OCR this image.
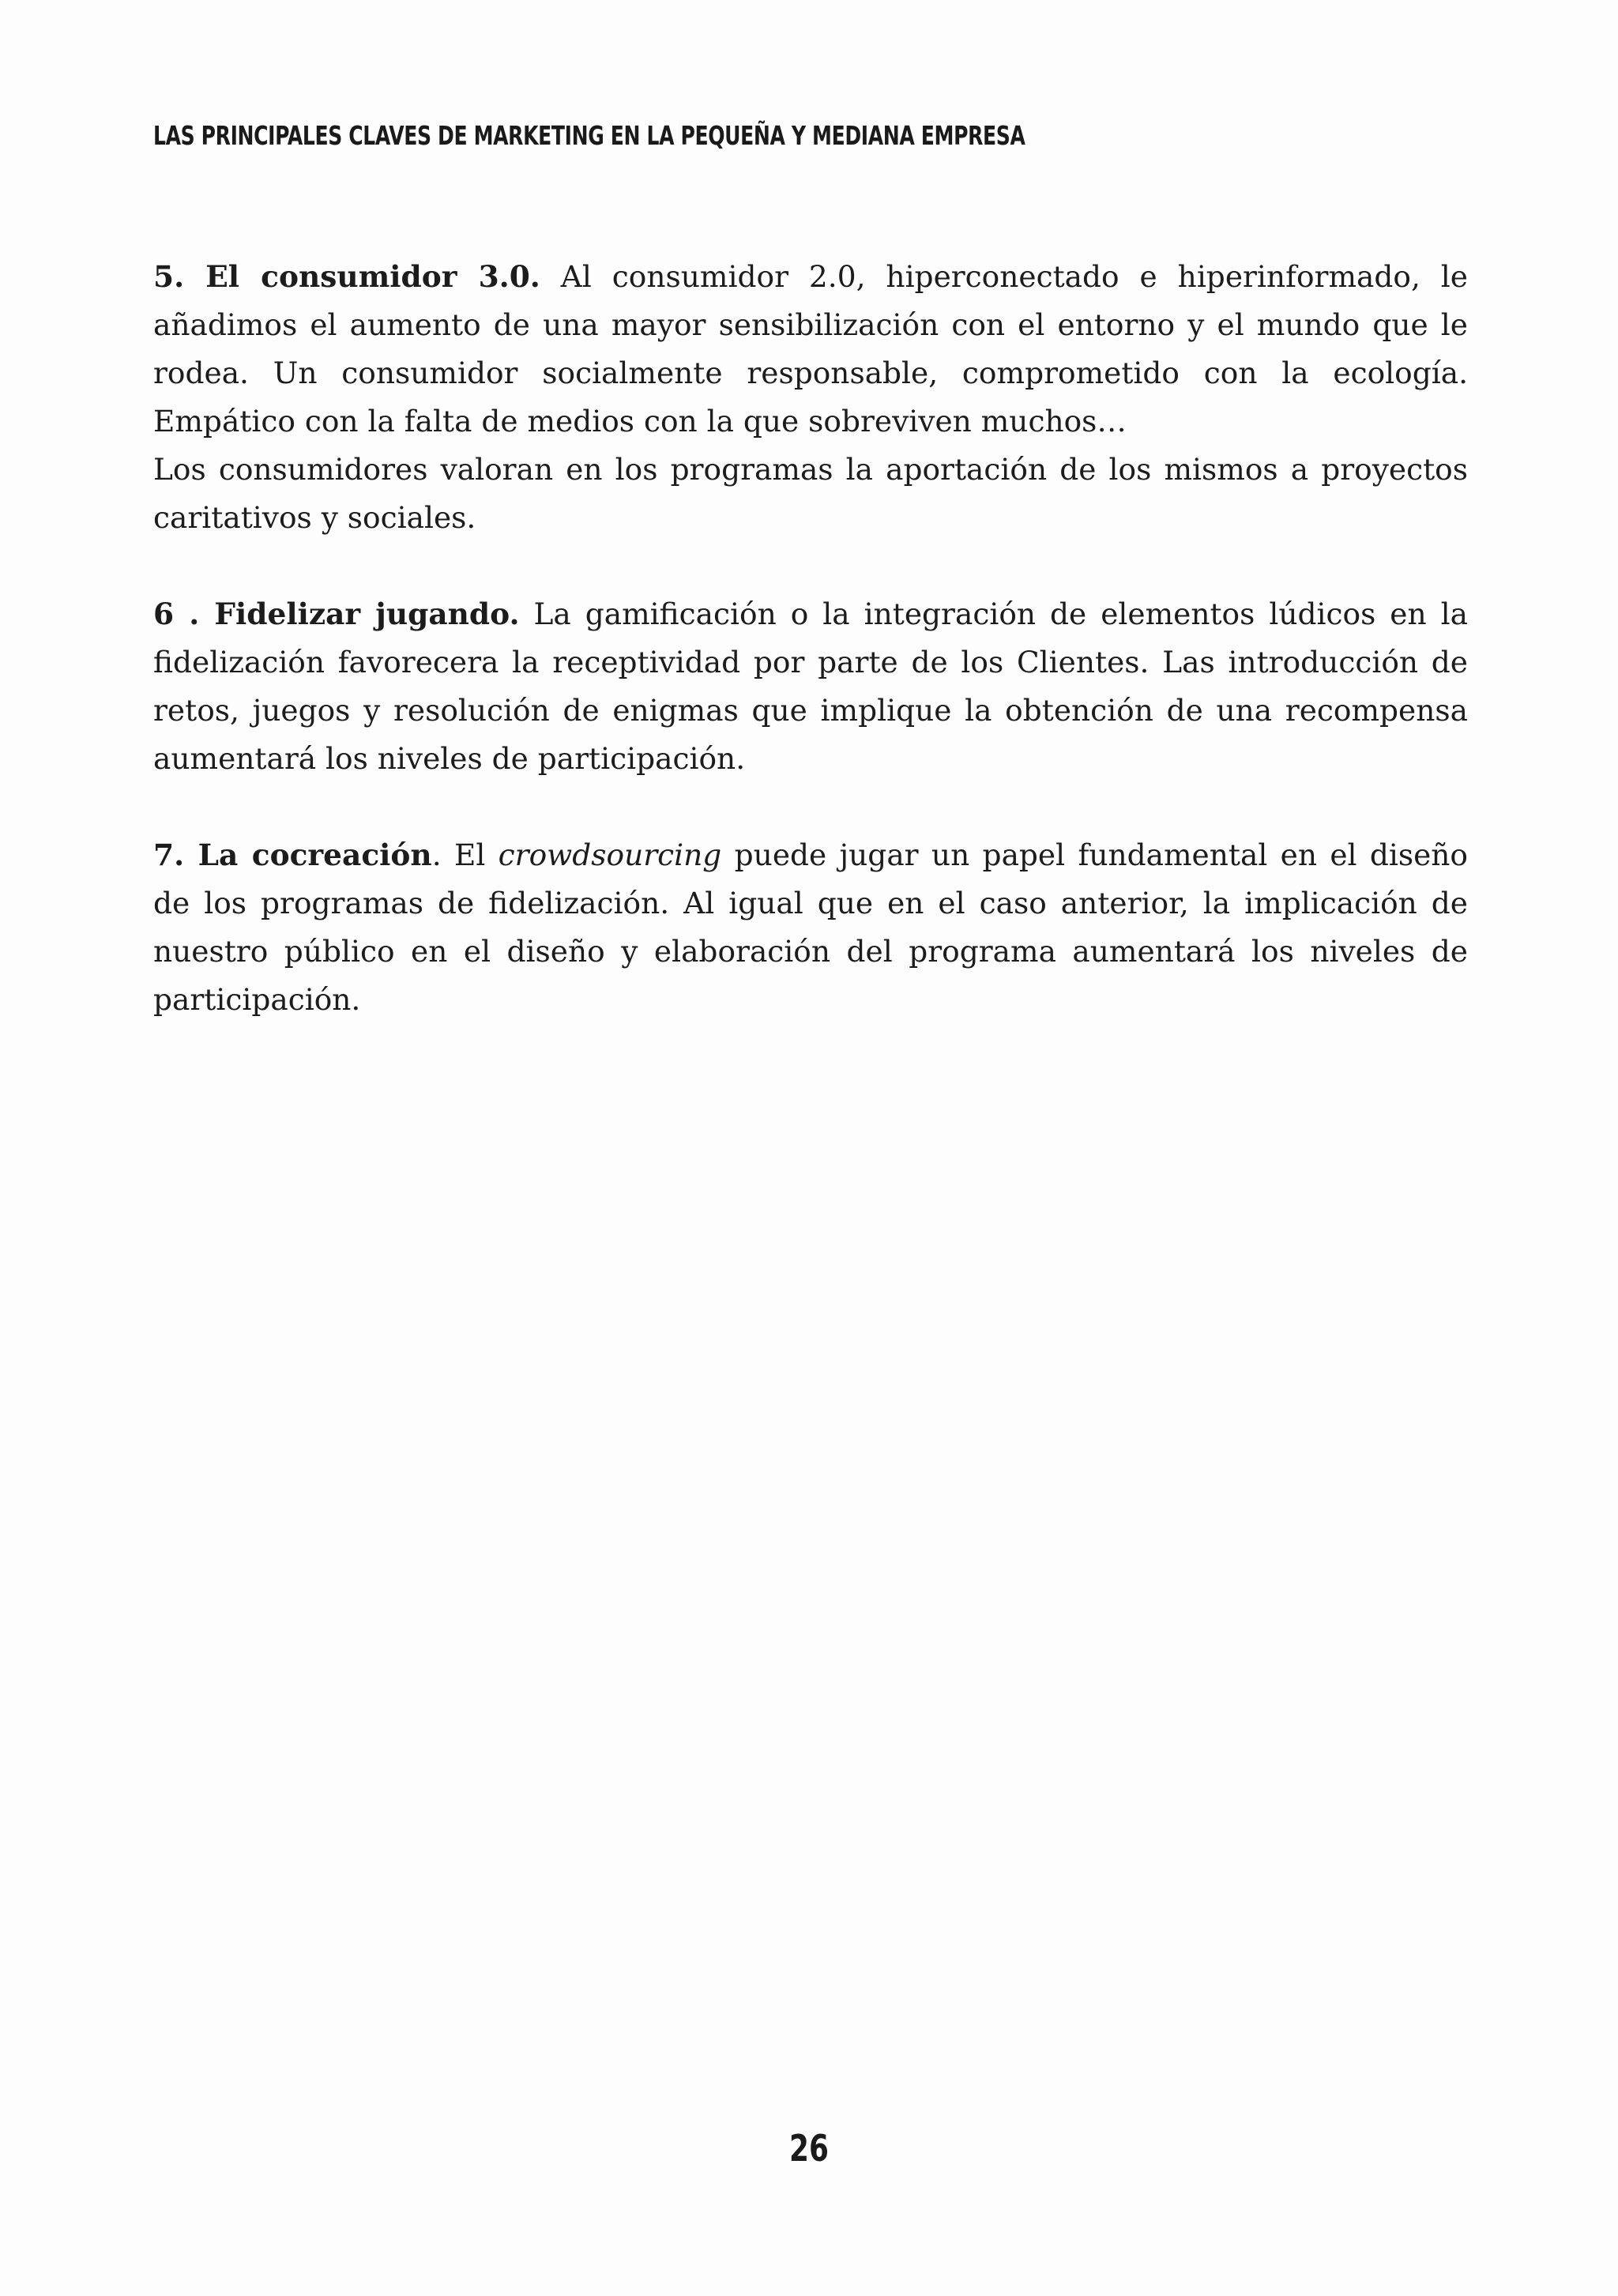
LAS PRINCIPALES CLAVES DE MARKETING EN LA PEQUEÑA Y MEDIANA EMPRESA

5. El consumidor 3.0. Al consumidor 2.0, hiperconectado e hiperinformado, le añadimos el aumento de una mayor sensibilización con el entorno y el mundo que le rodea. Un consumidor socialmente responsable, comprometido con la ecología. Empático con la falta de medios con la que sobreviven muchos…

Los consumidores valoran en los programas la aportación de los mismos a proyectos caritativos y sociales.

6 . Fidelizar jugando. La gamificación o la integración de elementos lúdicos en la fidelización favorecera la receptividad por parte de los Clientes. Las introducción de retos, juegos y resolución de enigmas que implique la obtención de una recompensa aumentará los niveles de participación.

7. La cocreación. El crowdsourcing puede jugar un papel fundamental en el diseño de los programas de fidelización. Al igual que en el caso anterior, la implicación de nuestro público en el diseño y elaboración del programa aumentará los niveles de participación.

26
